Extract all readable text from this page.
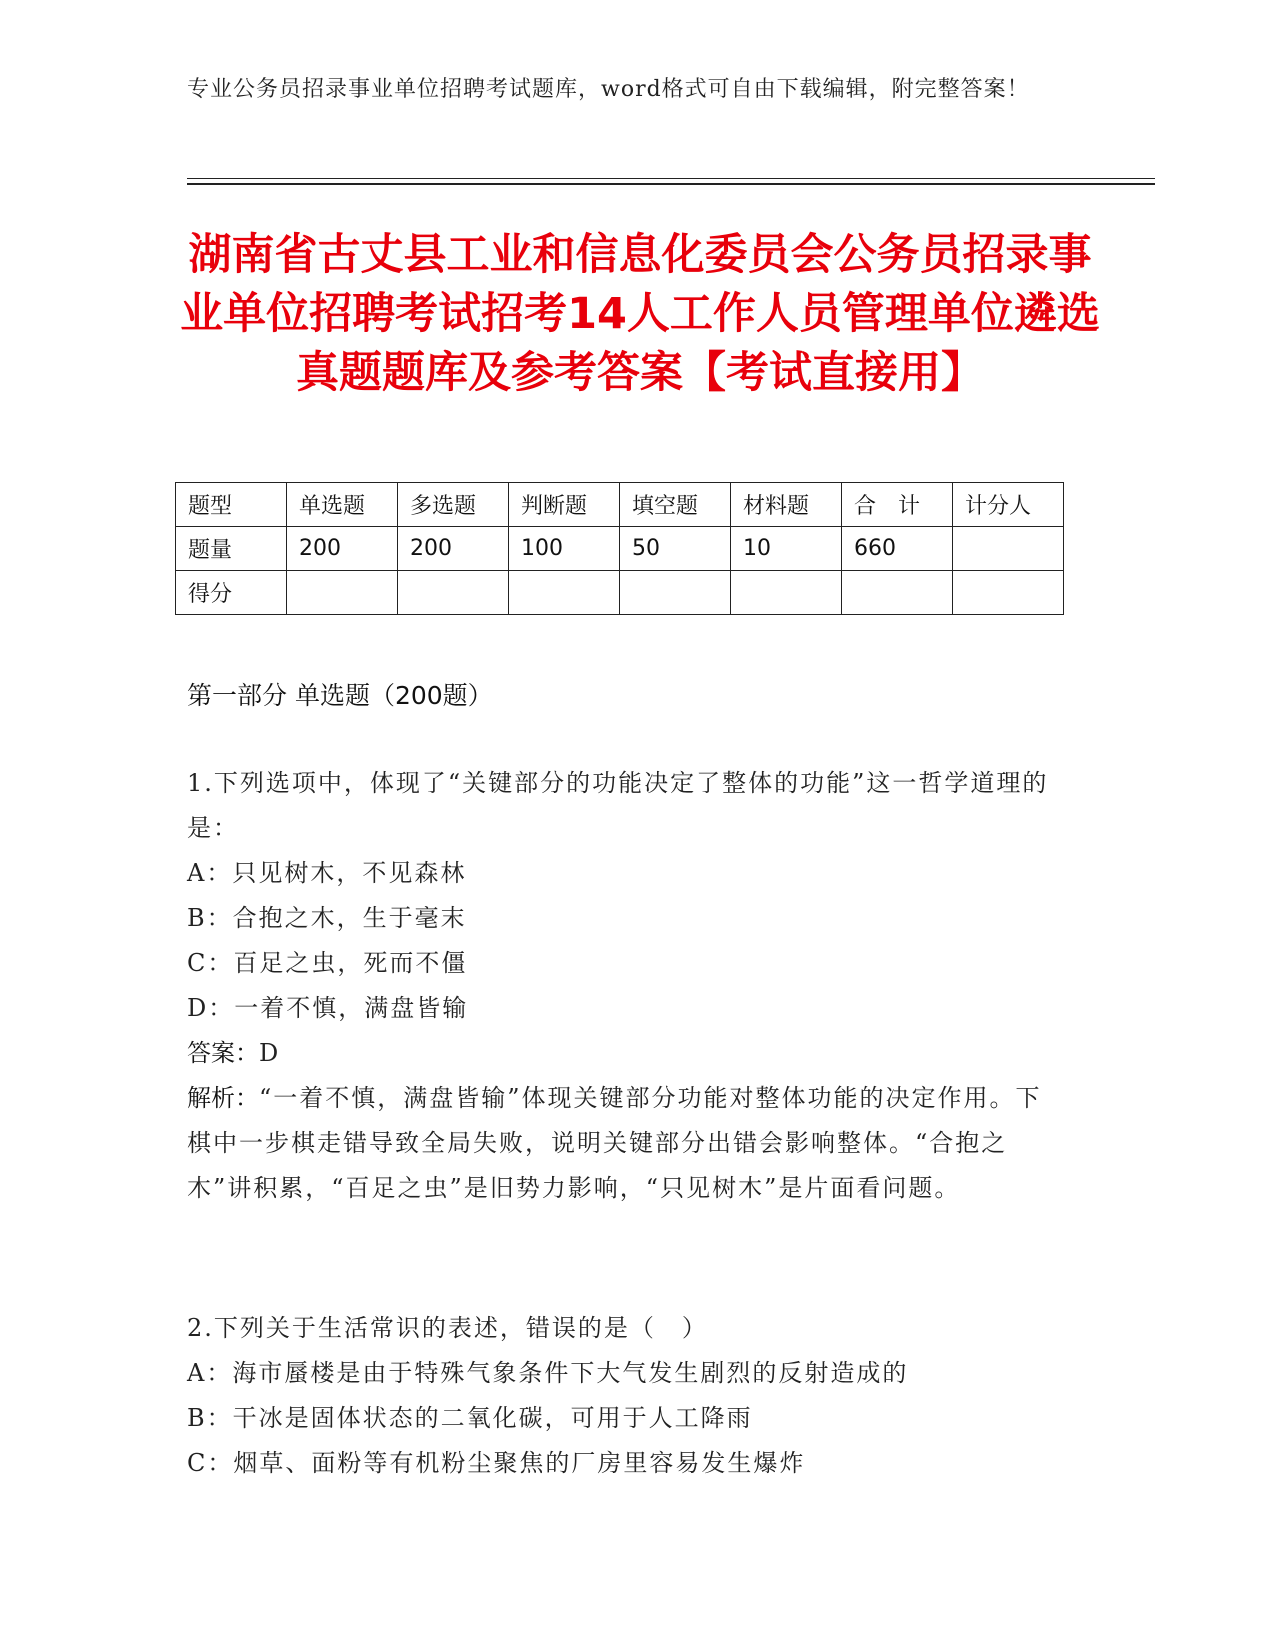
专业公务员招录事业单位招聘考试题库，word格式可自由下载编辑，附完整答案！
湖南省古丈县工业和信息化委员会公务员招录事业单位招聘考试招考14人工作人员管理单位遴选真题题库及参考答案【考试直接用】
题型	单选题	多选题	判断题	填空题	材料题	合　计	计分人
题量	200	200	100	50	10	660	
得分							
第一部分 单选题（200题）

1.下列选项中，体现了“关键部分的功能决定了整体的功能”这一哲学道理的是：

A：只见树木，不见森林

B：合抱之木，生于毫末

C：百足之虫，死而不僵

D：一着不慎，满盘皆输

答案：D

解析：“一着不慎，满盘皆输”体现关键部分功能对整体功能的决定作用。下棋中一步棋走错导致全局失败，说明关键部分出错会影响整体。“合抱之木”讲积累，“百足之虫”是旧势力影响，“只见树木”是片面看问题。

2.下列关于生活常识的表述，错误的是（　）

A：海市蜃楼是由于特殊气象条件下大气发生剧烈的反射造成的

B：干冰是固体状态的二氧化碳，可用于人工降雨

C：烟草、面粉等有机粉尘聚焦的厂房里容易发生爆炸
